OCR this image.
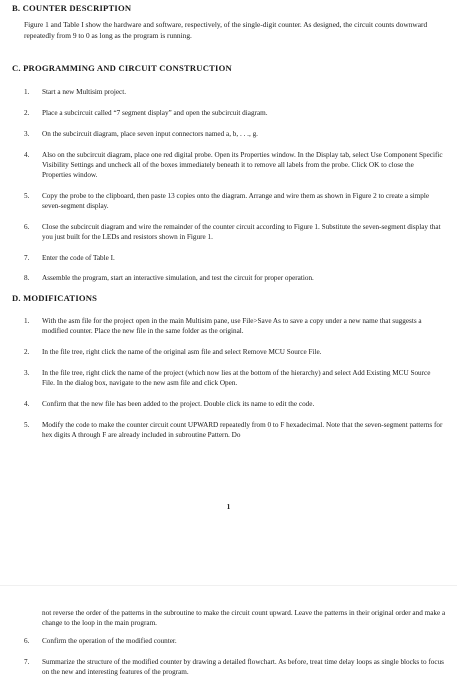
B. COUNTER DESCRIPTION
Figure 1 and Table I show the hardware and software, respectively, of the single-digit counter. As designed, the circuit counts downward repeatedly from 9 to 0 as long as the program is running.
C. PROGRAMMING AND CIRCUIT CONSTRUCTION
1.	Start a new Multisim project.
2.	Place a subcircuit called “7 segment display” and open the subcircuit diagram.
3.	On the subcircuit diagram, place seven input connectors named a, b, . . ., g.
4.	Also on the subcircuit diagram, place one red digital probe. Open its Properties window. In the Display tab, select Use Component Specific Visibility Settings and uncheck all of the boxes immediately beneath it to remove all labels from the probe. Click OK to close the Properties window.
5.	Copy the probe to the clipboard, then paste 13 copies onto the diagram. Arrange and wire them as shown in Figure 2 to create a simple seven-segment display.
6.	Close the subcircuit diagram and wire the remainder of the counter circuit according to Figure 1. Substitute the seven-segment display that you just built for the LEDs and resistors shown in Figure 1.
7.	Enter the code of Table I.
8.	Assemble the program, start an interactive simulation, and test the circuit for proper operation.
D. MODIFICATIONS
1.	With the asm file for the project open in the main Multisim pane, use File>Save As to save a copy under a new name that suggests a modified counter. Place the new file in the same folder as the original.
2.	In the file tree, right click the name of the original asm file and select Remove MCU Source File.
3.	In the file tree, right click the name of the project (which now lies at the bottom of the hierarchy) and select Add Existing MCU Source File. In the dialog box, navigate to the new asm file and click Open.
4.	Confirm that the new file has been added to the project. Double click its name to edit the code.
5.	Modify the code to make the counter circuit count UPWARD repeatedly from 0 to F hexadecimal. Note that the seven-segment patterns for hex digits A through F are already included in subroutine Pattern. Do
1
not reverse the order of the patterns in the subroutine to make the circuit count upward. Leave the patterns in their original order and make a change to the loop in the main program.
6.	Confirm the operation of the modified counter.
7.	Summarize the structure of the modified counter by drawing a detailed flowchart. As before, treat time delay loops as single blocks to focus on the new and interesting features of the program.
